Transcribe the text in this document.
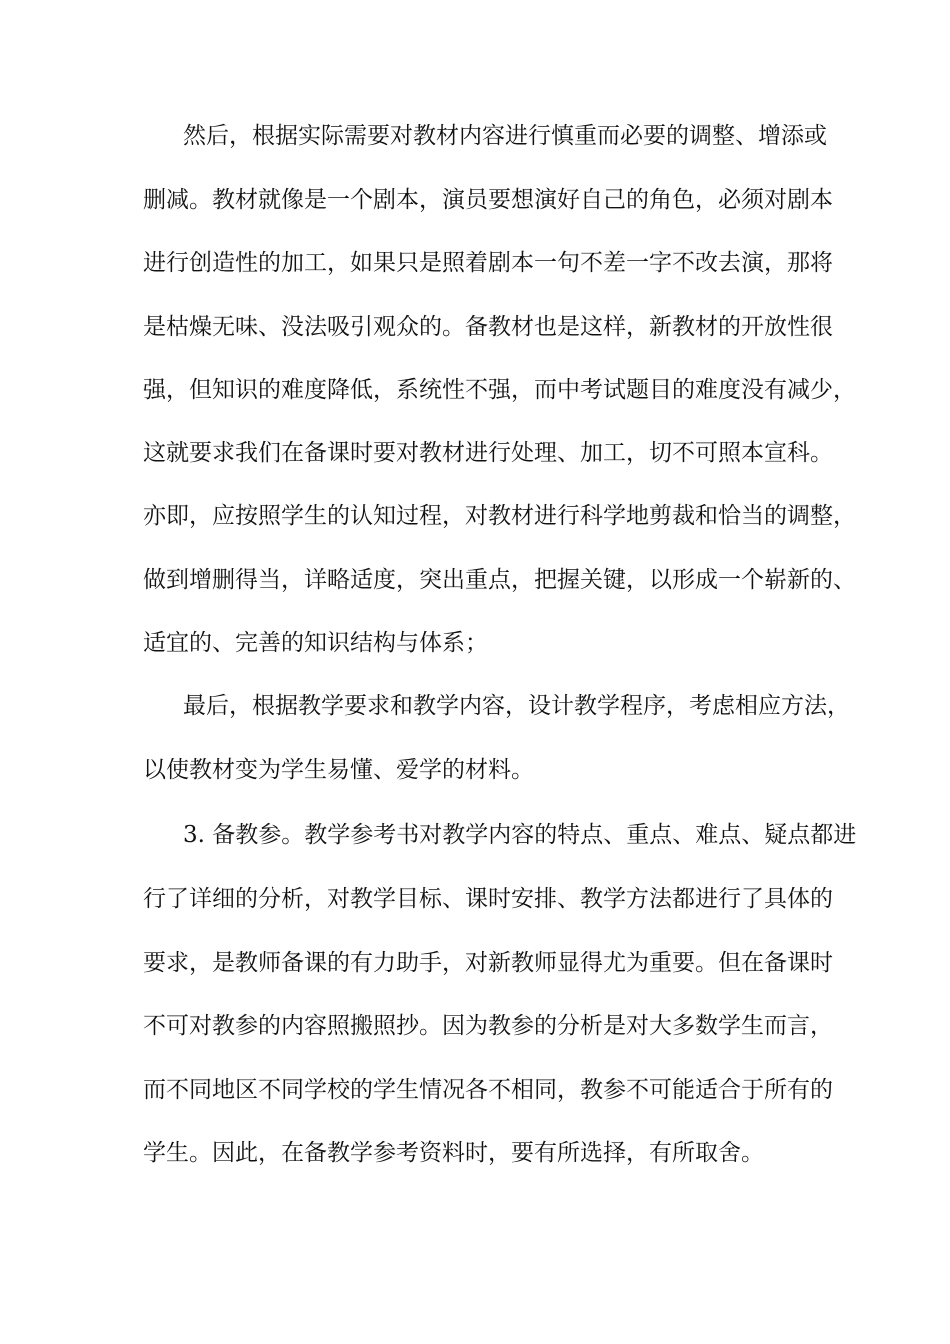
然后，根据实际需要对教材内容进行慎重而必要的调整、增添或
删减。教材就像是一个剧本，演员要想演好自己的角色，必须对剧本
进行创造性的加工，如果只是照着剧本一句不差一字不改去演，那将
是枯燥无味、没法吸引观众的。备教材也是这样，新教材的开放性很
强，但知识的难度降低，系统性不强，而中考试题目的难度没有减少，
这就要求我们在备课时要对教材进行处理、加工，切不可照本宣科。
亦即，应按照学生的认知过程，对教材进行科学地剪裁和恰当的调整，
做到增删得当，详略适度，突出重点，把握关键，以形成一个崭新的、
适宜的、完善的知识结构与体系；
最后，根据教学要求和教学内容，设计教学程序，考虑相应方法，
以使教材变为学生易懂、爱学的材料。
3. 备教参。教学参考书对教学内容的特点、重点、难点、疑点都进
行了详细的分析，对教学目标、课时安排、教学方法都进行了具体的
要求，是教师备课的有力助手，对新教师显得尤为重要。但在备课时
不可对教参的内容照搬照抄。因为教参的分析是对大多数学生而言，
而不同地区不同学校的学生情况各不相同，教参不可能适合于所有的
学生。因此，在备教学参考资料时，要有所选择，有所取舍。
